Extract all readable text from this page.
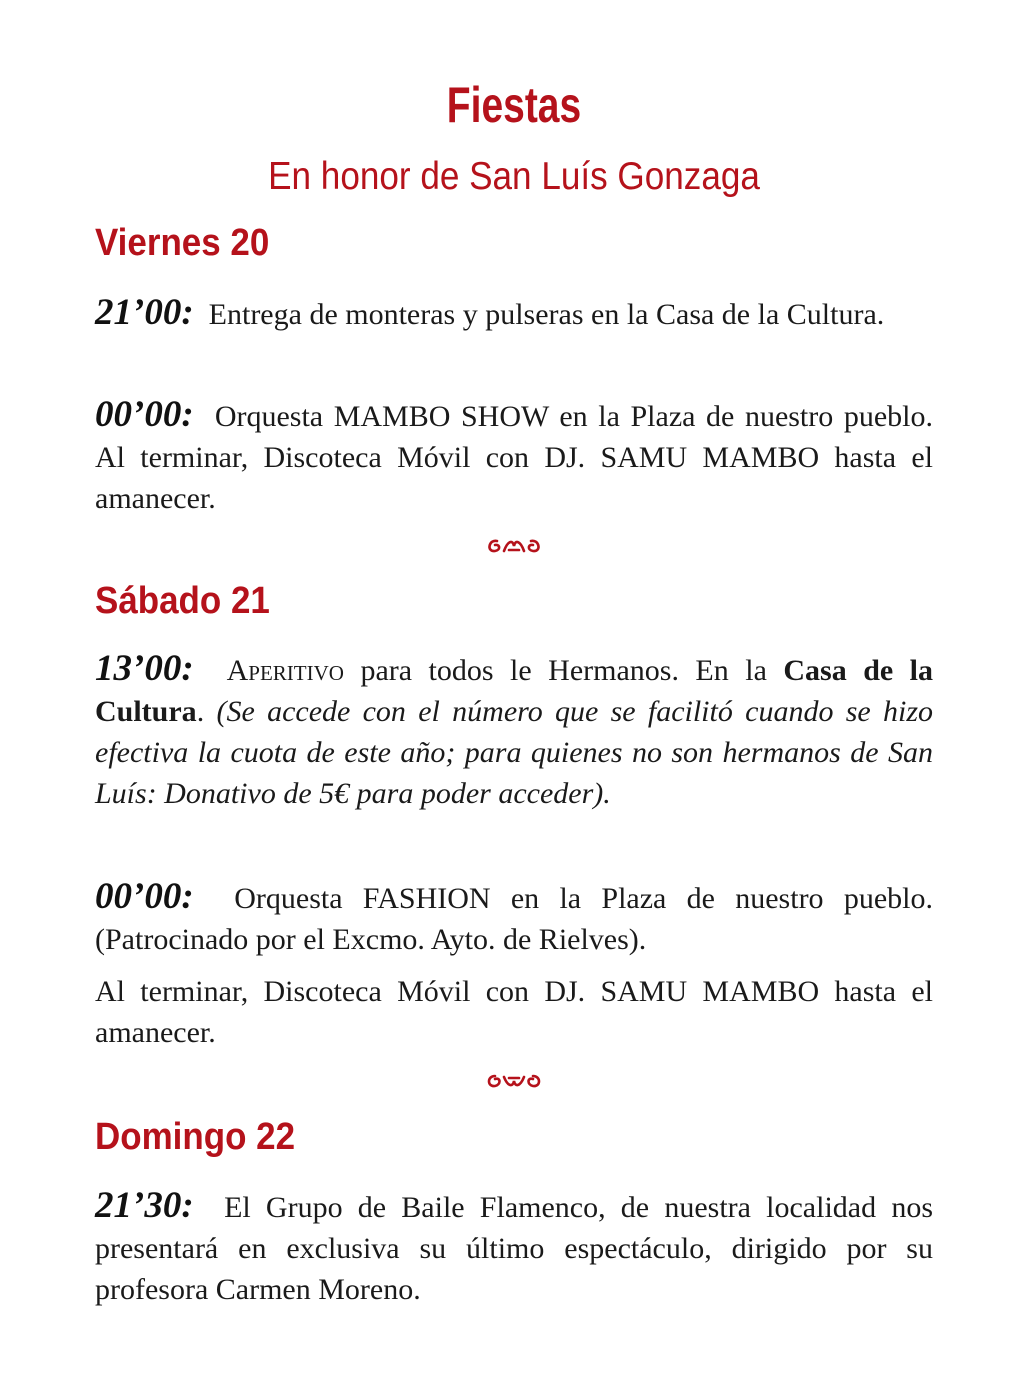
Fiestas
En honor de San Luís Gonzaga
Viernes 20

21’00: Entrega de monteras y pulseras en la Casa de la Cultura.

00’00: Orquesta MAMBO SHOW en la Plaza de nuestro pueblo. Al terminar, Discoteca Móvil con DJ. SAMU MAMBO hasta el amanecer.

Sábado 21

13’00: Aperitivo para todos le Hermanos. En la Casa de la Cultura. (Se accede con el número que se facilitó cuando se hizo efectiva la cuota de este año; para quienes no son hermanos de San Luís: Donativo de 5€ para poder acceder).

00’00: Orquesta FASHION en la Plaza de nuestro pueblo. (Patrocinado por el Excmo. Ayto. de Rielves).

Al terminar, Discoteca Móvil con DJ. SAMU MAMBO hasta el amanecer.

Domingo 22

21’30: El Grupo de Baile Flamenco, de nuestra localidad nos presentará en exclusiva su último espectáculo, dirigido por su profesora Carmen Moreno.
